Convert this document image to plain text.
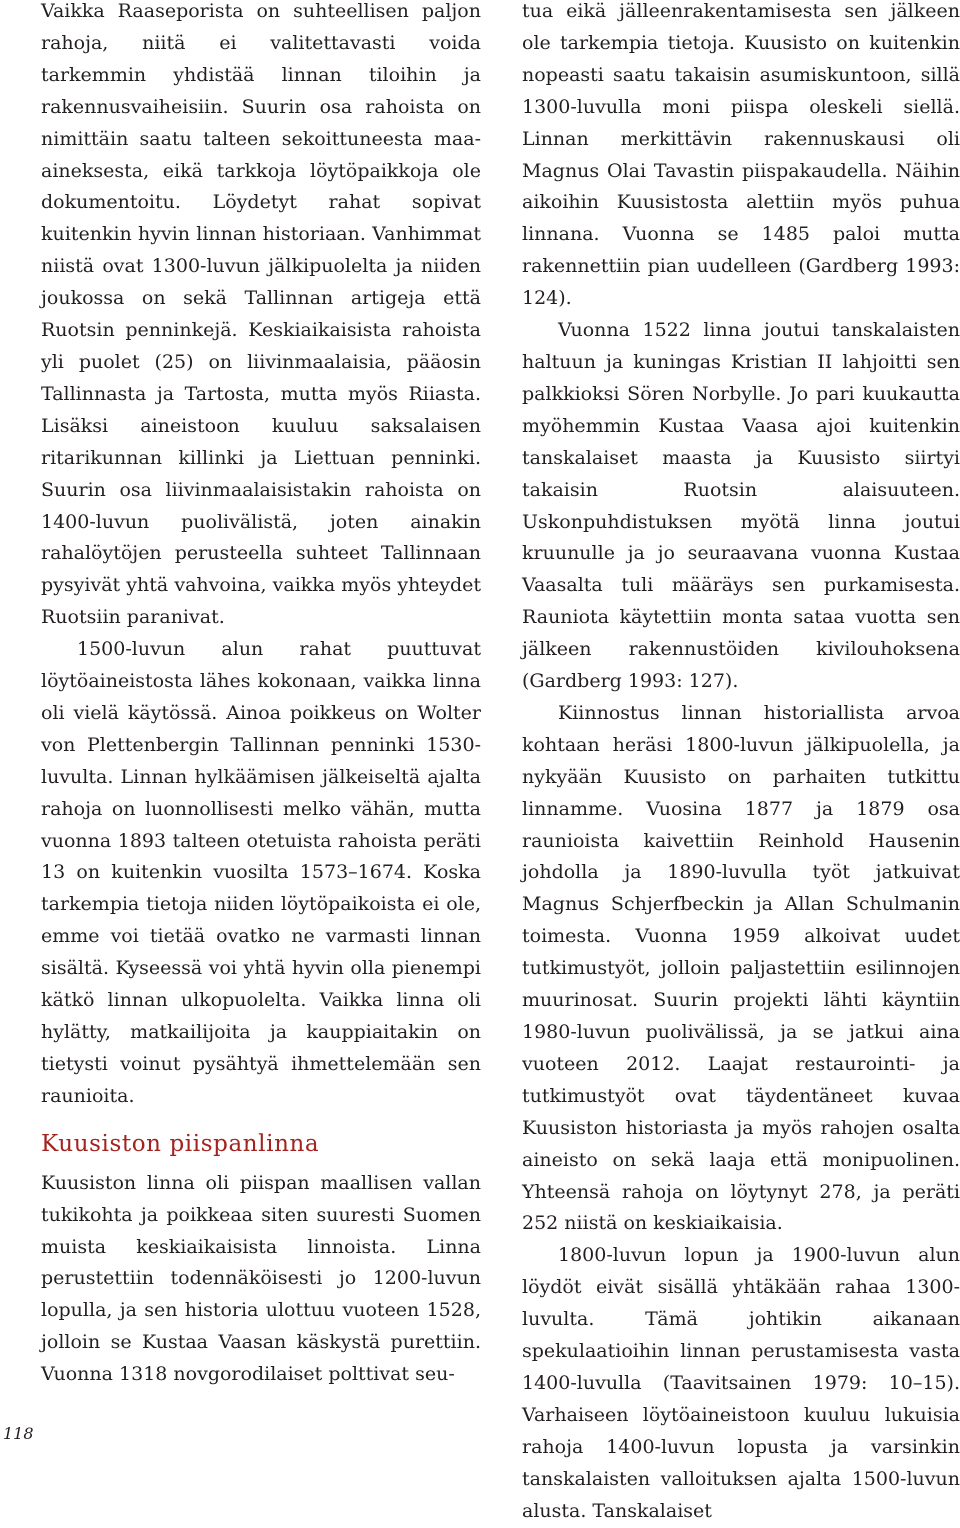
Vaikka Raaseporista on suhteellisen paljon rahoja, niitä ei valitettavasti voida tarkemmin yhdistää linnan tiloihin ja rakennusvaiheisiin. Suurin osa rahoista on nimittäin saatu talteen sekoittuneesta maa-aineksesta, eikä tarkkoja löytöpaikkoja ole dokumentoitu. Löydetyt rahat sopivat kuitenkin hyvin linnan historiaan. Vanhimmat niistä ovat 1300-luvun jälkipuolelta ja niiden joukossa on sekä Tallinnan artigeja että Ruotsin penninkejä. Keskiaikaisista rahoista yli puolet (25) on liivinmaalaisia, pääosin Tallinnasta ja Tartosta, mutta myös Riiasta. Lisäksi aineistoon kuuluu saksalaisen ritarikunnan killinki ja Liettuan penninki. Suurin osa liivinmaalaisistakin rahoista on 1400-luvun puolivälistä, joten ainakin rahalöytöjen perusteella suhteet Tallinnaan pysyivät yhtä vahvoina, vaikka myös yhteydet Ruotsiin paranivat.

1500-luvun alun rahat puuttuvat löytöaineistosta lähes kokonaan, vaikka linna oli vielä käytössä. Ainoa poikkeus on Wolter von Plettenbergin Tallinnan penninki 1530-luvulta. Linnan hylkäämisen jälkeiseltä ajalta rahoja on luonnollisesti melko vähän, mutta vuonna 1893 talteen otetuista rahoista peräti 13 on kuitenkin vuosilta 1573–1674. Koska tarkempia tietoja niiden löytöpaikoista ei ole, emme voi tietää ovatko ne varmasti linnan sisältä. Kyseessä voi yhtä hyvin olla pienempi kätkö linnan ulkopuolelta. Vaikka linna oli hylätty, matkailijoita ja kauppiaitakin on tietysti voinut pysähtyä ihmettelemään sen raunioita.

Kuusiston piispanlinna

Kuusiston linna oli piispan maallisen vallan tukikohta ja poikkeaa siten suuresti Suomen muista keskiaikaisista linnoista. Linna perustettiin todennäköisesti jo 1200-luvun lopulla, ja sen historia ulottuu vuoteen 1528, jolloin se Kustaa Vaasan käskystä purettiin. Vuonna 1318 novgorodilaiset polttivat seu-

tua eikä jälleenrakentamisesta sen jälkeen ole tarkempia tietoja. Kuusisto on kuitenkin nopeasti saatu takaisin asumiskuntoon, sillä 1300-luvulla moni piispa oleskeli siellä. Linnan merkittävin rakennuskausi oli Magnus Olai Tavastin piispakaudella. Näihin aikoihin Kuusistosta alettiin myös puhua linnana. Vuonna se 1485 paloi mutta rakennettiin pian uudelleen (Gardberg 1993: 124).

Vuonna 1522 linna joutui tanskalaisten haltuun ja kuningas Kristian II lahjoitti sen palkkioksi Sören Norbylle. Jo pari kuukautta myöhemmin Kustaa Vaasa ajoi kuitenkin tanskalaiset maasta ja Kuusisto siirtyi takaisin Ruotsin alaisuuteen. Uskonpuhdistuksen myötä linna joutui kruunulle ja jo seuraavana vuonna Kustaa Vaasalta tuli määräys sen purkamisesta. Rauniota käytettiin monta sataa vuotta sen jälkeen rakennustöiden kivilouhoksena (Gardberg 1993: 127).

Kiinnostus linnan historiallista arvoa kohtaan heräsi 1800-luvun jälkipuolella, ja nykyään Kuusisto on parhaiten tutkittu linnamme. Vuosina 1877 ja 1879 osa raunioista kaivettiin Reinhold Hausenin johdolla ja 1890-luvulla työt jatkuivat Magnus Schjerfbeckin ja Allan Schulmanin toimesta. Vuonna 1959 alkoivat uudet tutkimustyöt, jolloin paljastettiin esilinnojen muurinosat. Suurin projekti lähti käyntiin 1980-luvun puolivälissä, ja se jatkui aina vuoteen 2012. Laajat restaurointi- ja tutkimustyöt ovat täydentäneet kuvaa Kuusiston historiasta ja myös rahojen osalta aineisto on sekä laaja että monipuolinen. Yhteensä rahoja on löytynyt 278, ja peräti 252 niistä on keskiaikaisia.

1800-luvun lopun ja 1900-luvun alun löydöt eivät sisällä yhtäkään rahaa 1300-luvulta. Tämä johtikin aikanaan spekulaatioihin linnan perustamisesta vasta 1400-luvulla (Taavitsainen 1979: 10–15). Varhaiseen löytöaineistoon kuuluu lukuisia rahoja 1400-luvun lopusta ja varsinkin tanskalaisten valloituksen ajalta 1500-luvun alusta. Tanskalaiset

118
